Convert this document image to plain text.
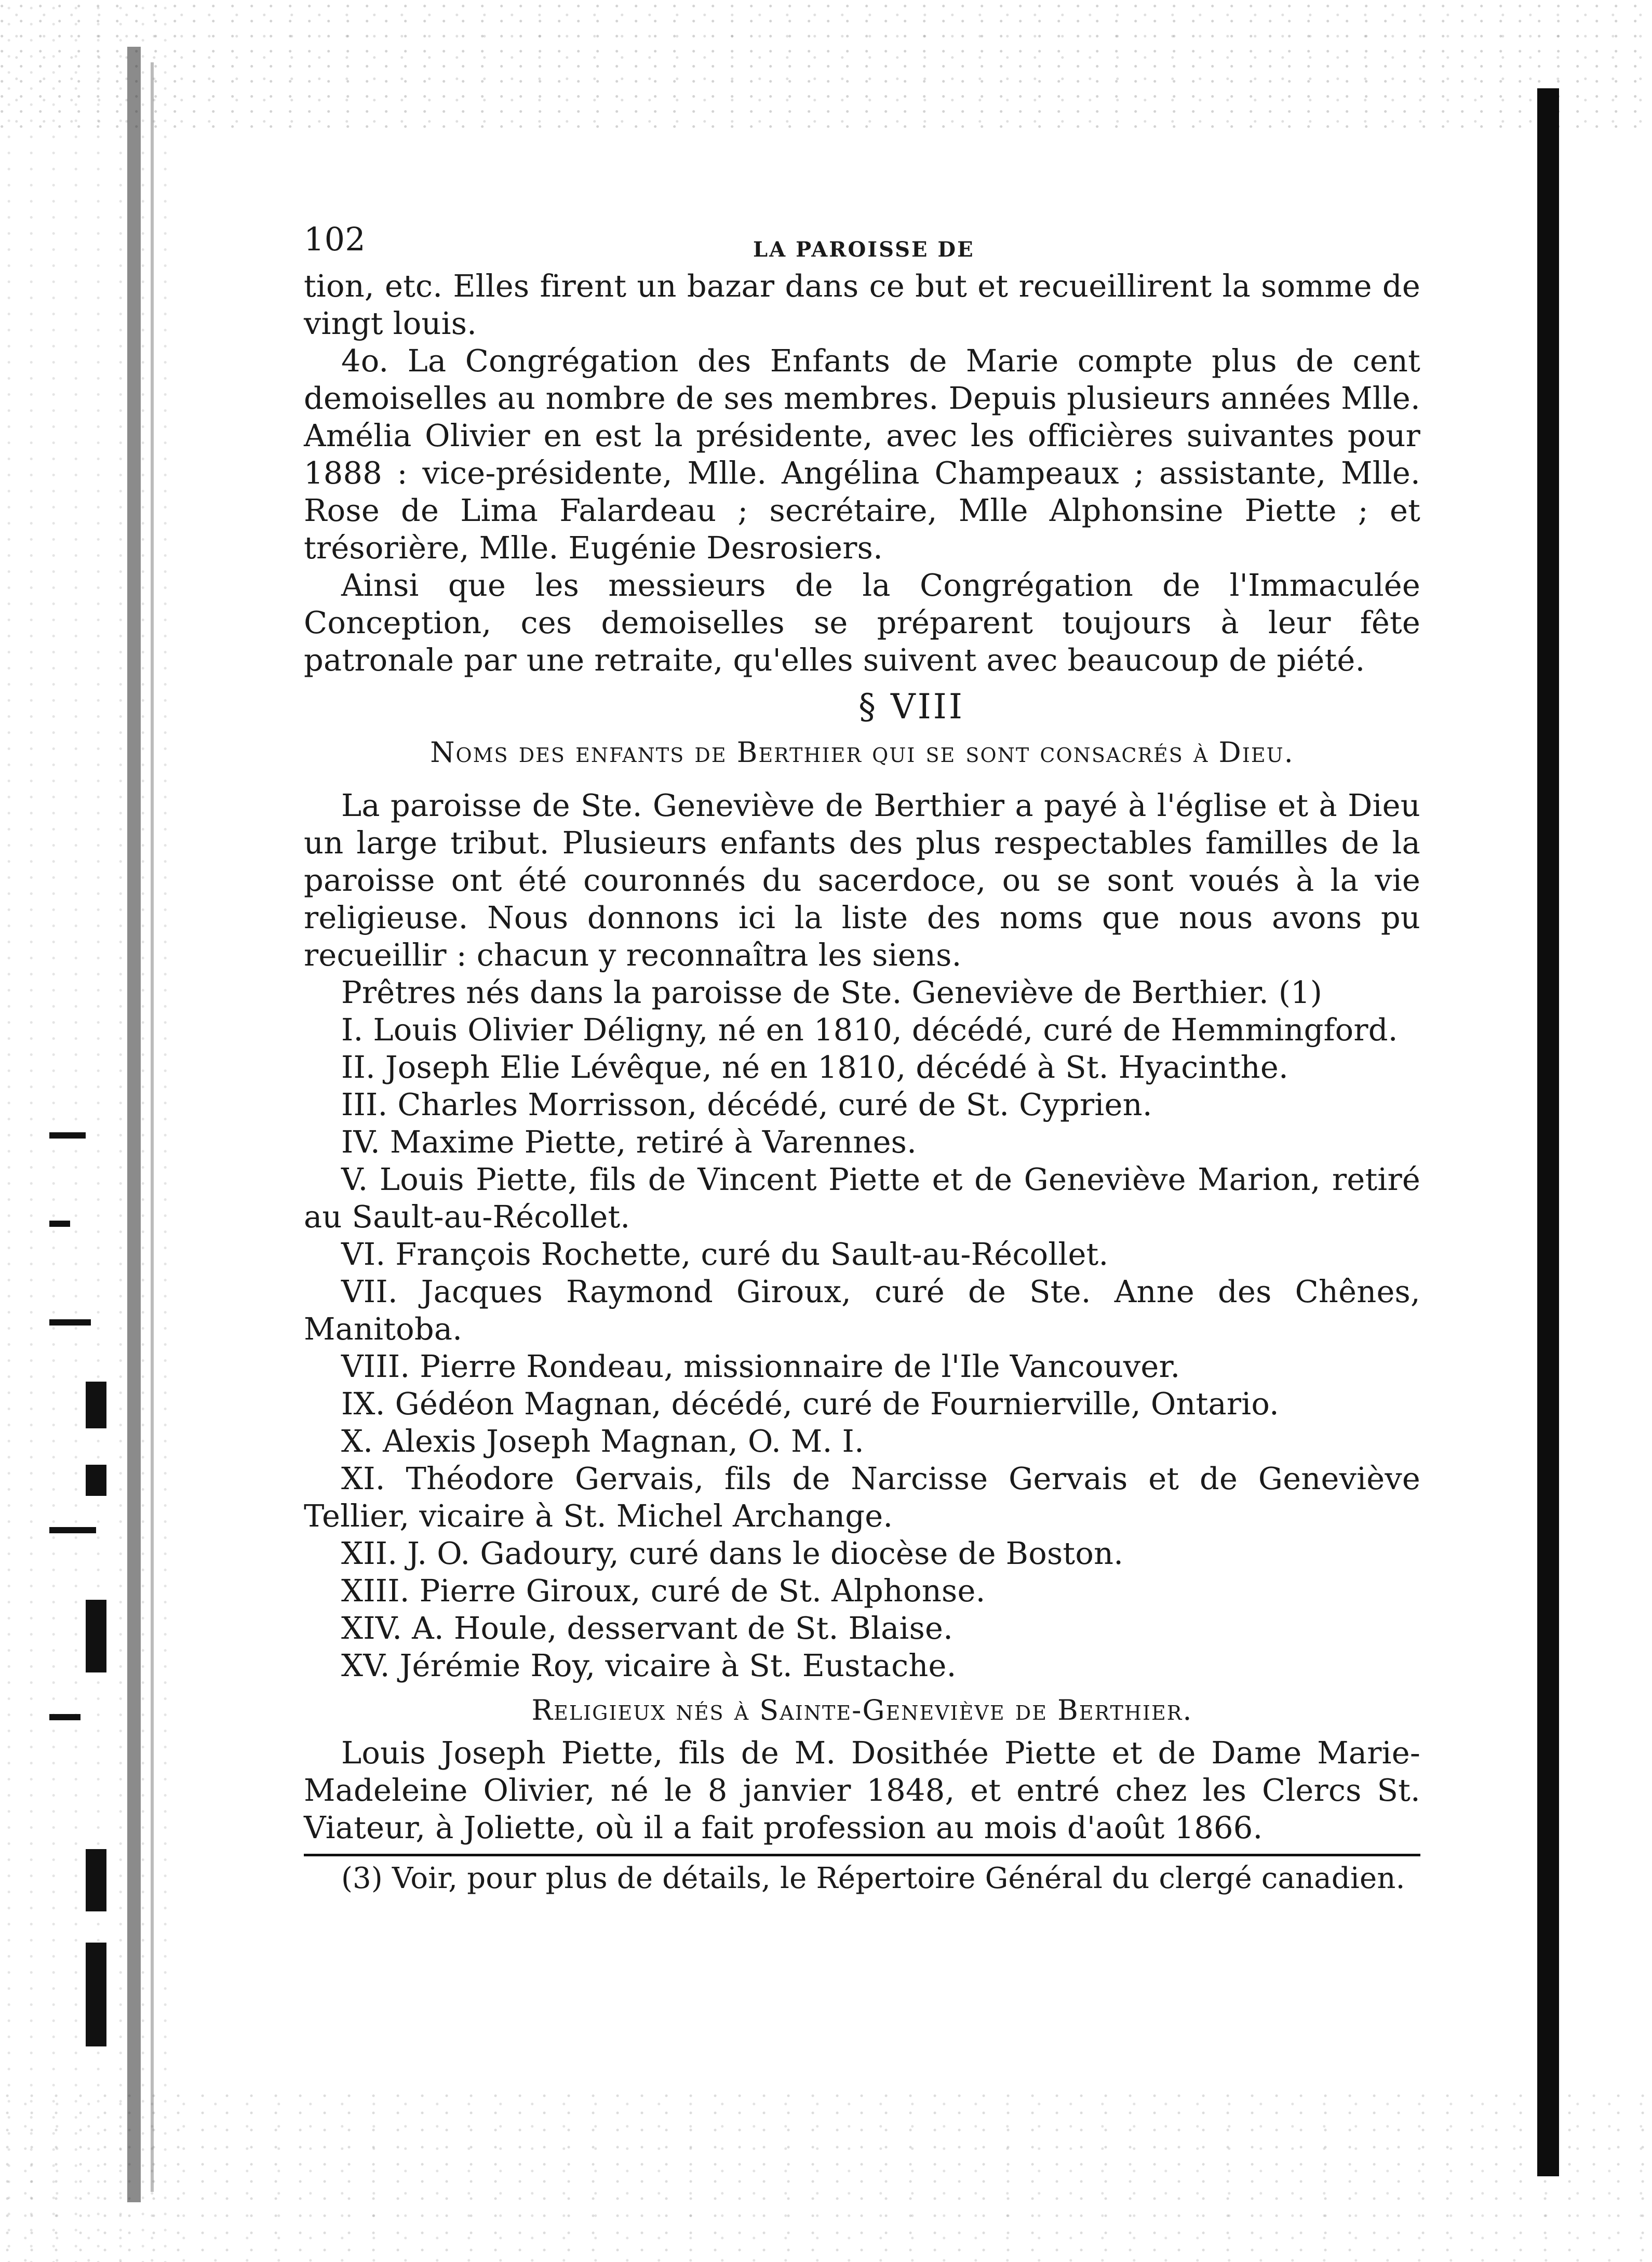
102	LA PAROISSE DE

tion, etc. Elles firent un bazar dans ce but et recueillirent la somme de vingt louis.

4o. La Congrégation des Enfants de Marie compte plus de cent demoiselles au nombre de ses membres. Depuis plusieurs années Mlle. Amélia Olivier en est la présidente, avec les officières suivantes pour 1888 : vice-présidente, Mlle. Angélina Champeaux ; assistante, Mlle. Rose de Lima Falardeau ; secrétaire, Mlle Alphonsine Piette ; et trésorière, Mlle. Eugénie Desrosiers.

Ainsi que les messieurs de la Congrégation de l'Immaculée Conception, ces demoiselles se préparent toujours à leur fête patronale par une retraite, qu'elles suivent avec beaucoup de piété.

§ VIII
Noms des enfants de Berthier qui se sont consacrés à Dieu.

La paroisse de Ste. Geneviève de Berthier a payé à l'église et à Dieu un large tribut. Plusieurs enfants des plus respectables familles de la paroisse ont été couronnés du sacerdoce, ou se sont voués à la vie religieuse. Nous donnons ici la liste des noms que nous avons pu recueillir : chacun y reconnaîtra les siens.

Prêtres nés dans la paroisse de Ste. Geneviève de Berthier. (1)

I. Louis Olivier Déligny, né en 1810, décédé, curé de Hemmingford.
II. Joseph Elie Lévêque, né en 1810, décédé à St. Hyacinthe.
III. Charles Morrisson, décédé, curé de St. Cyprien.
IV. Maxime Piette, retiré à Varennes.
V. Louis Piette, fils de Vincent Piette et de Geneviève Marion, retiré au Sault-au-Récollet.
VI. François Rochette, curé du Sault-au-Récollet.
VII. Jacques Raymond Giroux, curé de Ste. Anne des Chênes, Manitoba.
VIII. Pierre Rondeau, missionnaire de l'Ile Vancouver.
IX. Gédéon Magnan, décédé, curé de Fournierville, Ontario.
X. Alexis Joseph Magnan, O. M. I.
XI. Théodore Gervais, fils de Narcisse Gervais et de Geneviève Tellier, vicaire à St. Michel Archange.
XII. J. O. Gadoury, curé dans le diocèse de Boston.
XIII. Pierre Giroux, curé de St. Alphonse.
XIV. A. Houle, desservant de St. Blaise.
XV. Jérémie Roy, vicaire à St. Eustache.
Religieux nés à Sainte-Geneviève de Berthier.

Louis Joseph Piette, fils de M. Dosithée Piette et de Dame Marie-Madeleine Olivier, né le 8 janvier 1848, et entré chez les Clercs St. Viateur, à Joliette, où il a fait profession au mois d'août 1866.

(3) Voir, pour plus de détails, le Répertoire Général du clergé canadien.
